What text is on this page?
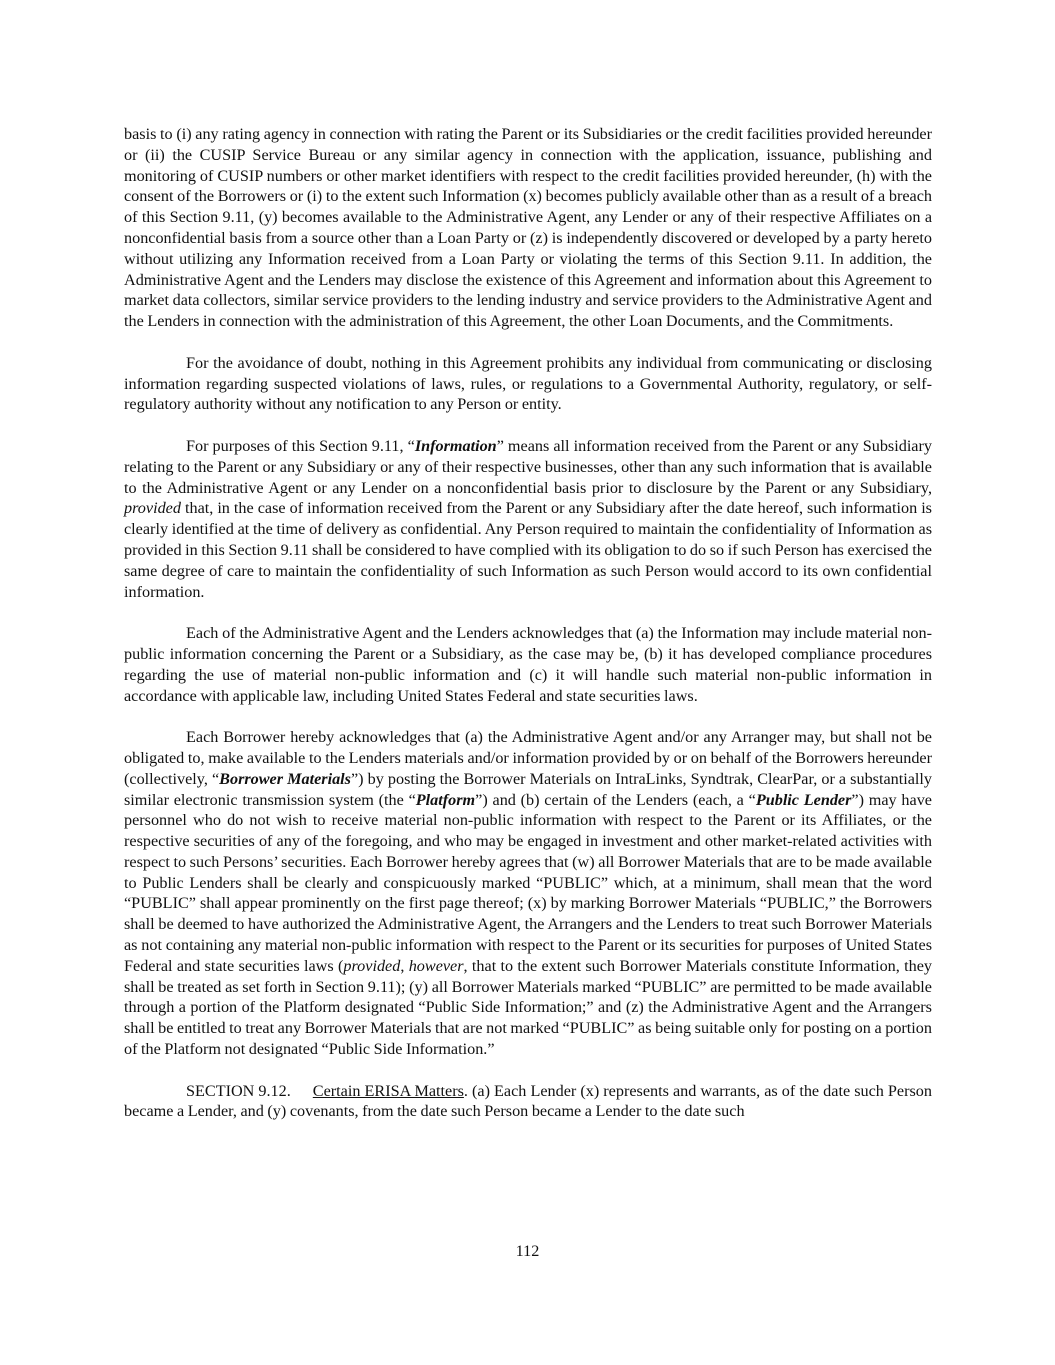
basis to (i) any rating agency in connection with rating the Parent or its Subsidiaries or the credit facilities provided hereunder or (ii) the CUSIP Service Bureau or any similar agency in connection with the application, issuance, publishing and monitoring of CUSIP numbers or other market identifiers with respect to the credit facilities provided hereunder, (h) with the consent of the Borrowers or (i) to the extent such Information (x) becomes publicly available other than as a result of a breach of this Section 9.11, (y) becomes available to the Administrative Agent, any Lender or any of their respective Affiliates on a nonconfidential basis from a source other than a Loan Party or (z) is independently discovered or developed by a party hereto without utilizing any Information received from a Loan Party or violating the terms of this Section 9.11. In addition, the Administrative Agent and the Lenders may disclose the existence of this Agreement and information about this Agreement to market data collectors, similar service providers to the lending industry and service providers to the Administrative Agent and the Lenders in connection with the administration of this Agreement, the other Loan Documents, and the Commitments.

For the avoidance of doubt, nothing in this Agreement prohibits any individual from communicating or disclosing information regarding suspected violations of laws, rules, or regulations to a Governmental Authority, regulatory, or self-regulatory authority without any notification to any Person or entity.

For purposes of this Section 9.11, “Information” means all information received from the Parent or any Subsidiary relating to the Parent or any Subsidiary or any of their respective businesses, other than any such information that is available to the Administrative Agent or any Lender on a nonconfidential basis prior to disclosure by the Parent or any Subsidiary, provided that, in the case of information received from the Parent or any Subsidiary after the date hereof, such information is clearly identified at the time of delivery as confidential. Any Person required to maintain the confidentiality of Information as provided in this Section 9.11 shall be considered to have complied with its obligation to do so if such Person has exercised the same degree of care to maintain the confidentiality of such Information as such Person would accord to its own confidential information.

Each of the Administrative Agent and the Lenders acknowledges that (a) the Information may include material non-public information concerning the Parent or a Subsidiary, as the case may be, (b) it has developed compliance procedures regarding the use of material non-public information and (c) it will handle such material non-public information in accordance with applicable law, including United States Federal and state securities laws.

Each Borrower hereby acknowledges that (a) the Administrative Agent and/or any Arranger may, but shall not be obligated to, make available to the Lenders materials and/or information provided by or on behalf of the Borrowers hereunder (collectively, “Borrower Materials”) by posting the Borrower Materials on IntraLinks, Syndtrak, ClearPar, or a substantially similar electronic transmission system (the “Platform”) and (b) certain of the Lenders (each, a “Public Lender”) may have personnel who do not wish to receive material non-public information with respect to the Parent or its Affiliates, or the respective securities of any of the foregoing, and who may be engaged in investment and other market-related activities with respect to such Persons’ securities. Each Borrower hereby agrees that (w) all Borrower Materials that are to be made available to Public Lenders shall be clearly and conspicuously marked “PUBLIC” which, at a minimum, shall mean that the word “PUBLIC” shall appear prominently on the first page thereof; (x) by marking Borrower Materials “PUBLIC,” the Borrowers shall be deemed to have authorized the Administrative Agent, the Arrangers and the Lenders to treat such Borrower Materials as not containing any material non-public information with respect to the Parent or its securities for purposes of United States Federal and state securities laws (provided, however, that to the extent such Borrower Materials constitute Information, they shall be treated as set forth in Section 9.11); (y) all Borrower Materials marked “PUBLIC” are permitted to be made available through a portion of the Platform designated “Public Side Information;” and (z) the Administrative Agent and the Arrangers shall be entitled to treat any Borrower Materials that are not marked “PUBLIC” as being suitable only for posting on a portion of the Platform not designated “Public Side Information.”

SECTION 9.12. Certain ERISA Matters. (a) Each Lender (x) represents and warrants, as of the date such Person became a Lender, and (y) covenants, from the date such Person became a Lender to the date such

112
